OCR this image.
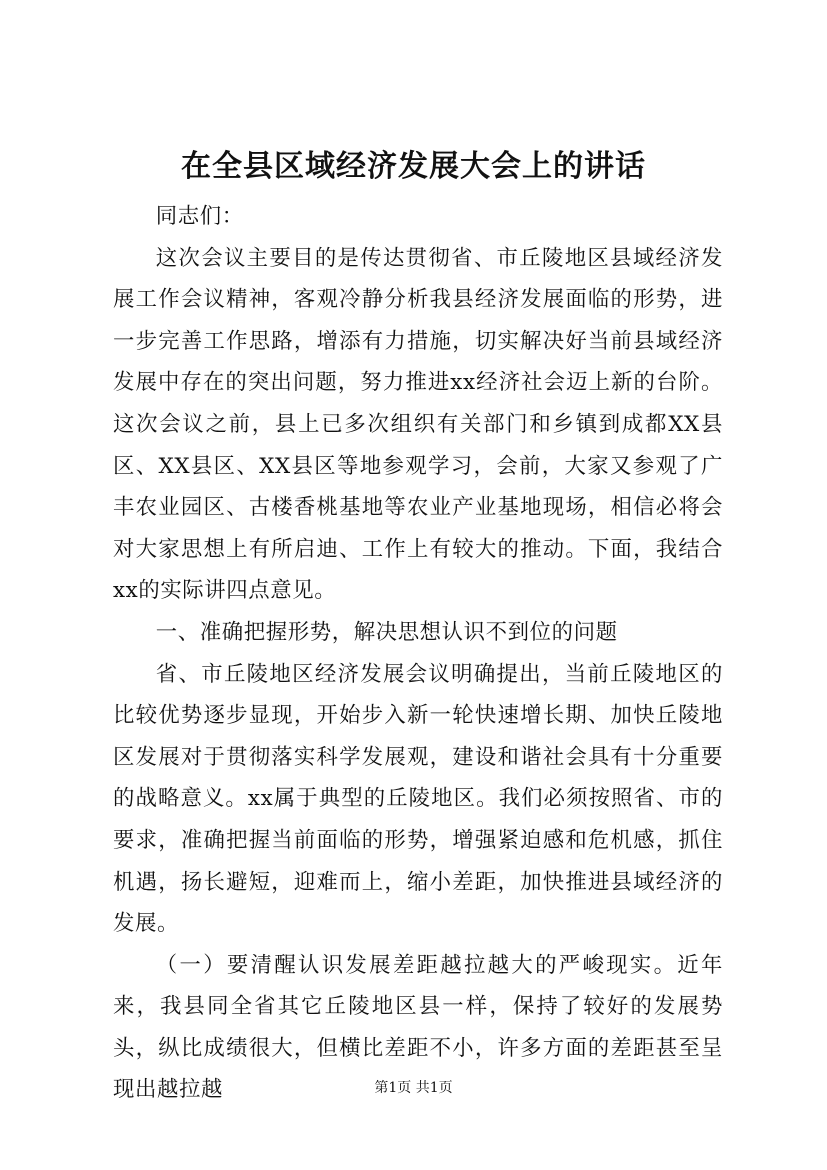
在全县区域经济发展大会上的讲话

同志们：

这次会议主要目的是传达贯彻省、市丘陵地区县域经济发展工作会议精神，客观冷静分析我县经济发展面临的形势，进一步完善工作思路，增添有力措施，切实解决好当前县域经济发展中存在的突出问题，努力推进xx经济社会迈上新的台阶。这次会议之前，县上已多次组织有关部门和乡镇到成都XX县区、XX县区、XX县区等地参观学习，会前，大家又参观了广丰农业园区、古楼香桃基地等农业产业基地现场，相信必将会对大家思想上有所启迪、工作上有较大的推动。下面，我结合xx的实际讲四点意见。

一、准确把握形势，解决思想认识不到位的问题

省、市丘陵地区经济发展会议明确提出，当前丘陵地区的比较优势逐步显现，开始步入新一轮快速增长期、加快丘陵地区发展对于贯彻落实科学发展观，建设和谐社会具有十分重要的战略意义。xx属于典型的丘陵地区。我们必须按照省、市的要求，准确把握当前面临的形势，增强紧迫感和危机感，抓住机遇，扬长避短，迎难而上，缩小差距，加快推进县域经济的发展。

（一）要清醒认识发展差距越拉越大的严峻现实。近年来，我县同全省其它丘陵地区县一样，保持了较好的发展势头，纵比成绩很大，但横比差距不小，许多方面的差距甚至呈现出越拉越	第1页 共1页
